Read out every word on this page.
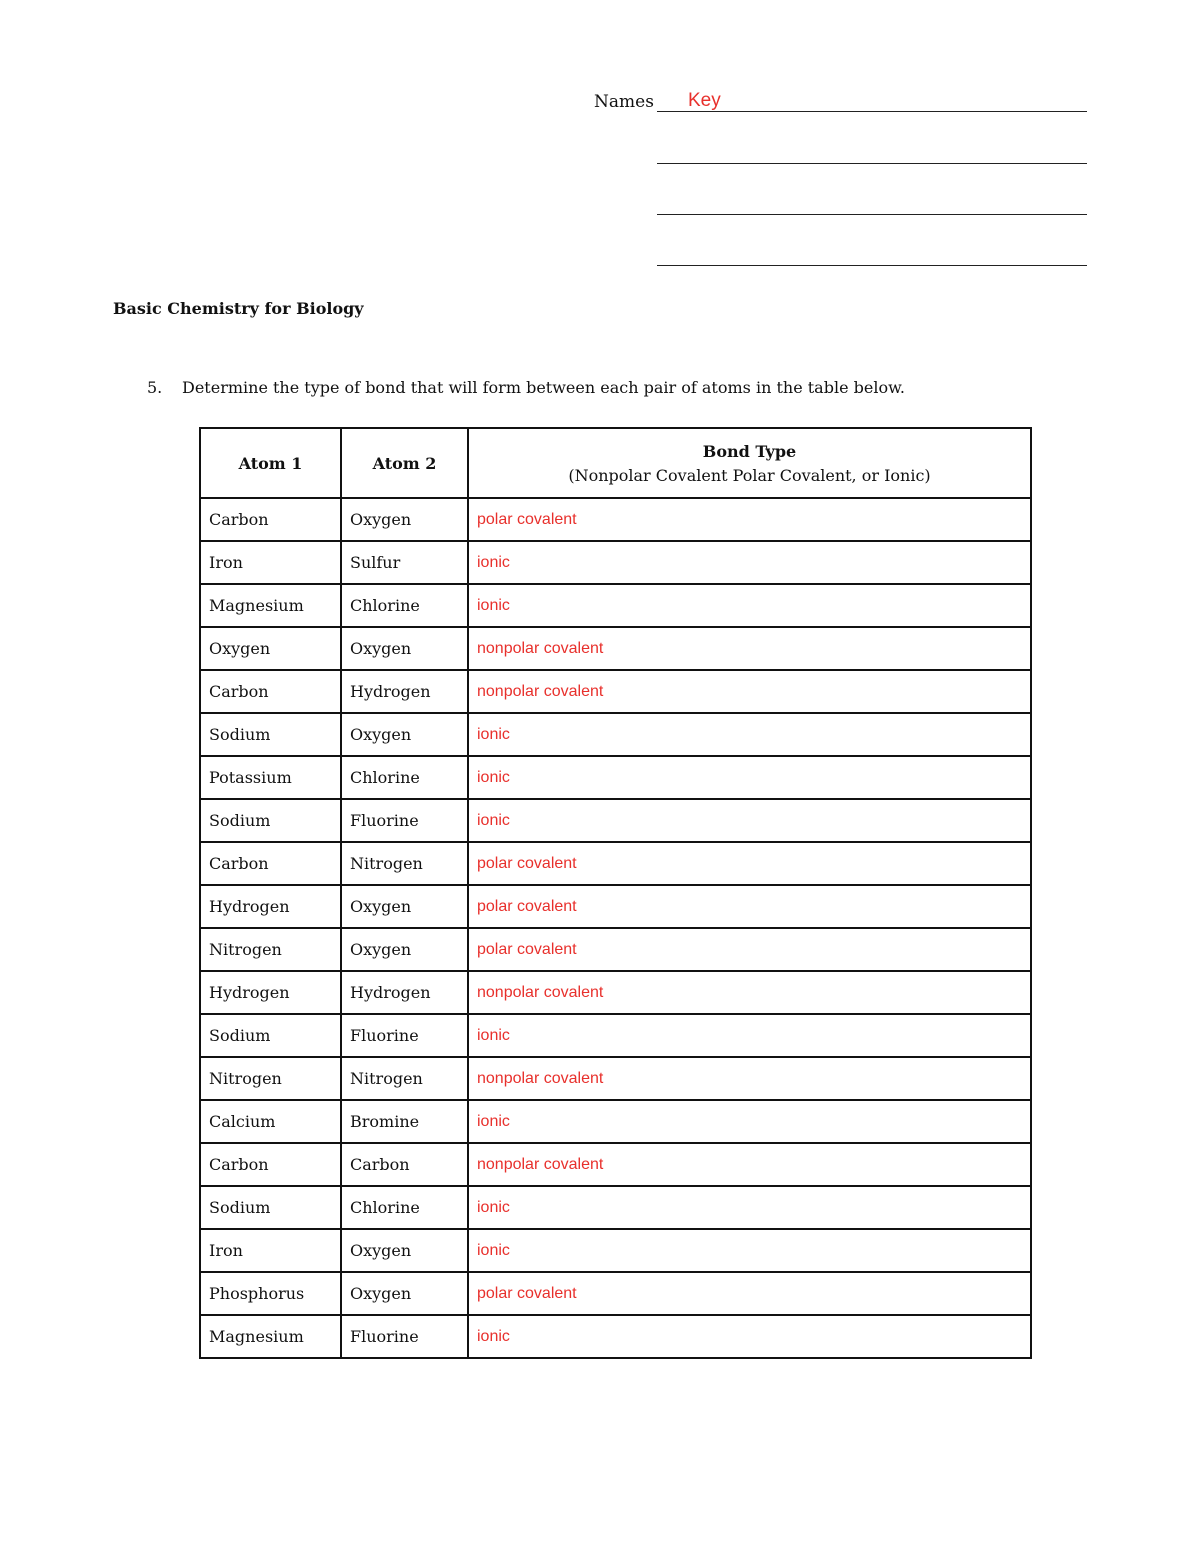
Names Key
Basic Chemistry for Biology
5. Determine the type of bond that will form between each pair of atoms in the table below.
Atom 1	Atom 2	Bond Type
(Nonpolar Covalent Polar Covalent, or Ionic)

Carbon	Oxygen	polar covalent
Iron	Sulfur	ionic
Magnesium	Chlorine	ionic
Oxygen	Oxygen	nonpolar covalent
Carbon	Hydrogen	nonpolar covalent
Sodium	Oxygen	ionic
Potassium	Chlorine	ionic
Sodium	Fluorine	ionic
Carbon	Nitrogen	polar covalent
Hydrogen	Oxygen	polar covalent
Nitrogen	Oxygen	polar covalent
Hydrogen	Hydrogen	nonpolar covalent
Sodium	Fluorine	ionic
Nitrogen	Nitrogen	nonpolar covalent
Calcium	Bromine	ionic
Carbon	Carbon	nonpolar covalent
Sodium	Chlorine	ionic
Iron	Oxygen	ionic
Phosphorus	Oxygen	polar covalent
Magnesium	Fluorine	ionic
